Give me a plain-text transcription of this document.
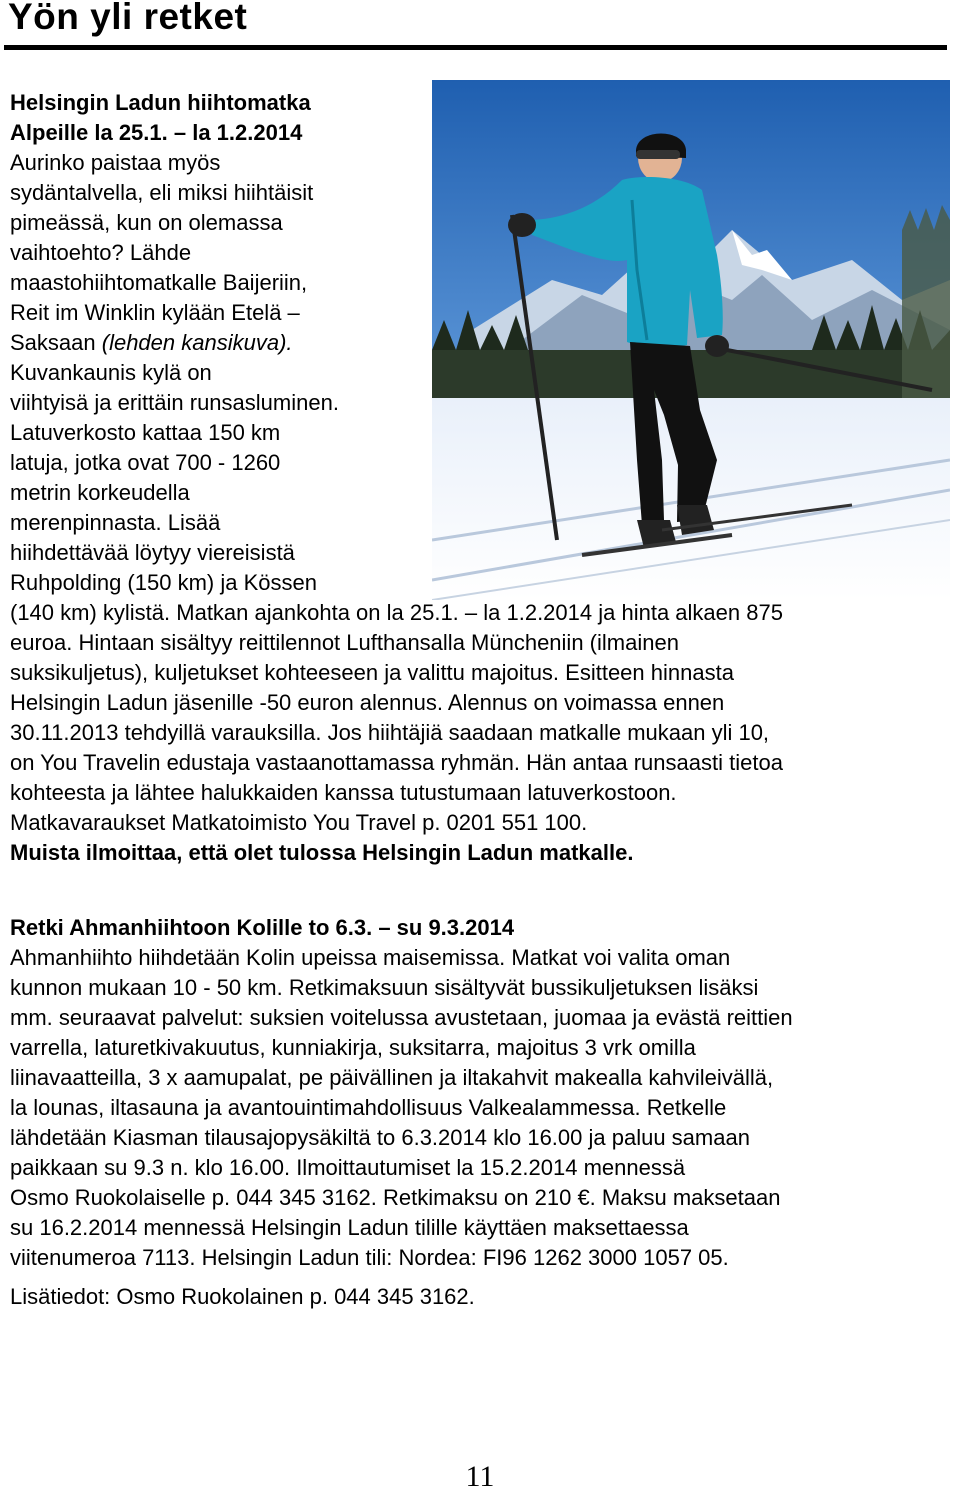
Yön yli retket

Helsingin Ladun hiihtomatka

Alpeille la 25.1. – la 1.2.2014

Aurinko paistaa myös

sydäntalvella, eli miksi hiihtäisit

pimeässä, kun on olemassa

vaihtoehto? Lähde

maastohiihtomatkalle Baijeriin,

Reit im Winklin kylään Etelä –

Saksaan (lehden kansikuva).

Kuvankaunis kylä on

viihtyisä ja erittäin runsasluminen.

Latuverkosto kattaa 150 km

latuja, jotka ovat 700 - 1260

metrin korkeudella

merenpinnasta. Lisää

hiihdettävää löytyy viereisistä

Ruhpolding (150 km) ja Kössen

(140 km) kylistä. Matkan ajankohta on la 25.1. – la 1.2.2014 ja hinta alkaen 875

euroa. Hintaan sisältyy reittilennot Lufthansalla Müncheniin (ilmainen

suksikuljetus), kuljetukset kohteeseen ja valittu majoitus. Esitteen hinnasta

Helsingin Ladun jäsenille -50 euron alennus. Alennus on voimassa ennen

30.11.2013 tehdyillä varauksilla. Jos hiihtäjiä saadaan matkalle mukaan yli 10,

on You Travelin edustaja vastaanottamassa ryhmän. Hän antaa runsaasti tietoa

kohteesta ja lähtee halukkaiden kanssa tutustumaan latuverkostoon.

Matkavaraukset Matkatoimisto You Travel p. 0201 551 100.

Muista ilmoittaa, että olet tulossa Helsingin Ladun matkalle.

Retki Ahmanhiihtoon Kolille to 6.3. – su 9.3.2014

Ahmanhiihto hiihdetään Kolin upeissa maisemissa. Matkat voi valita oman

kunnon mukaan 10 - 50 km. Retkimaksuun sisältyvät bussikuljetuksen lisäksi

mm. seuraavat palvelut: suksien voitelussa avustetaan, juomaa ja evästä reittien

varrella, laturetkivakuutus, kunniakirja, suksitarra, majoitus 3 vrk omilla

liinavaatteilla, 3 x aamupalat, pe päivällinen ja iltakahvit makealla kahvileivällä,

la lounas, iltasauna ja avantouintimahdollisuus Valkealammessa. Retkelle

lähdetään Kiasman tilausajopysäkiltä to 6.3.2014 klo 16.00 ja paluu samaan

paikkaan su 9.3 n. klo 16.00. Ilmoittautumiset la 15.2.2014 mennessä

Osmo Ruokolaiselle p. 044 345 3162. Retkimaksu on 210 €. Maksu maksetaan

su 16.2.2014 mennessä Helsingin Ladun tilille käyttäen maksettaessa

viitenumeroa 7113. Helsingin Ladun tili: Nordea: FI96 1262 3000 1057 05.

Lisätiedot: Osmo Ruokolainen p. 044 345 3162.

11
